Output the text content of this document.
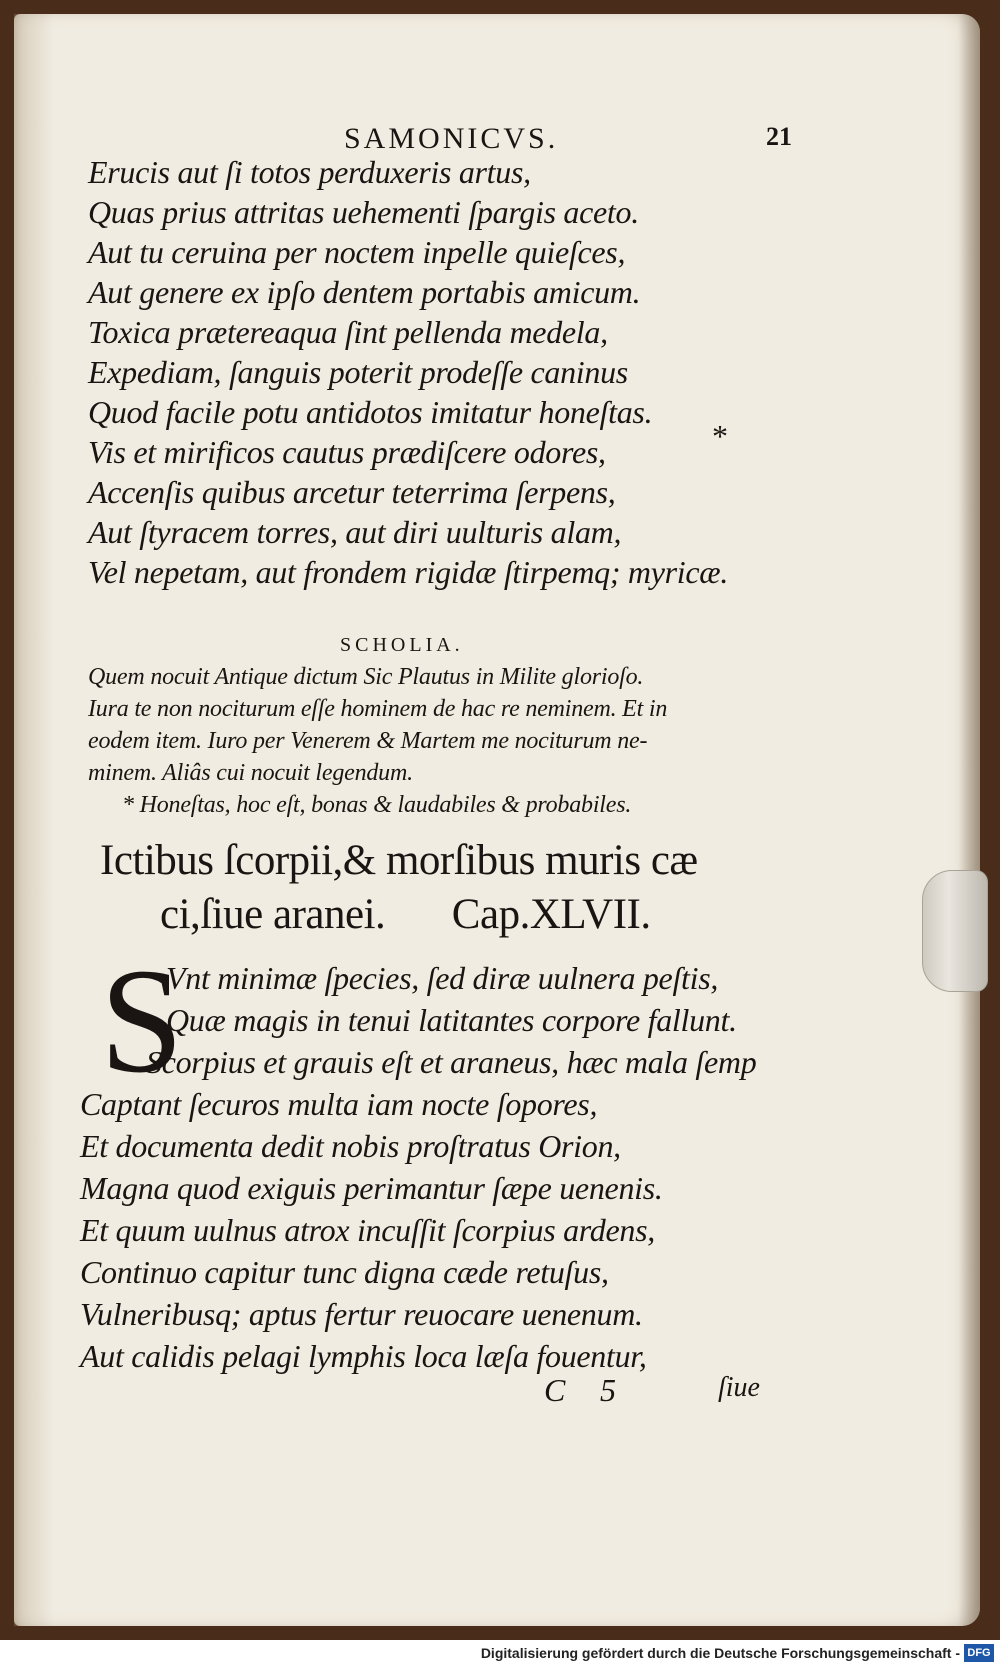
SAMONICVS.	21
Erucis aut ſi totos perduxeris artus,
Quas prius attritas uehementi ſpargis aceto.
Aut tu ceruina per noctem inpelle quieſces,
Aut genere ex ipſo dentem portabis amicum.
Toxica prætereaqua ſint pellenda medela,
Expediam, ſanguis poterit prodeſſe caninus
Quod facile potu antidotos imitatur honeſtas.
*
Vis et mirificos cautus prædiſcere odores,
Accenſis quibus arcetur teterrima ſerpens,
Aut ſtyracem torres, aut diri uulturis alam,
Vel nepetam, aut frondem rigidæ ſtirpemq; myricæ.
SCHOLIA.
Quem nocuit Antique dictum Sic Plautus in Milite glorioſo.
Iura te non nociturum eſſe hominem de hac re neminem. Et in
eodem item. Iuro per Venerem & Martem me nociturum ne-
minem. Aliâs cui nocuit legendum.
* Honeſtas, hoc eſt, bonas & laudabiles & probabiles.
Ictibus ſcorpii,& morſibus muris cæ
ci,ſiue aranei. Cap.XLVII.
S
Vnt minimæ ſpecies, ſed diræ uulnera peſtis,
Quæ magis in tenui latitantes corpore fallunt.
Scorpius et grauis eſt et araneus, hæc mala ſemp
Captant ſecuros multa iam nocte ſopores,
Et documenta dedit nobis proſtratus Orion,
Magna quod exiguis perimantur ſæpe uenenis.
Et quum uulnus atrox incuſſit ſcorpius ardens,
Continuo capitur tunc digna cæde retuſus,
Vulneribusq; aptus fertur reuocare uenenum.
Aut calidis pelagi lymphis loca læſa fouentur,
C 5	ſiue
Digitalisierung gefördert durch die Deutsche Forschungsgemeinschaft - DFG
